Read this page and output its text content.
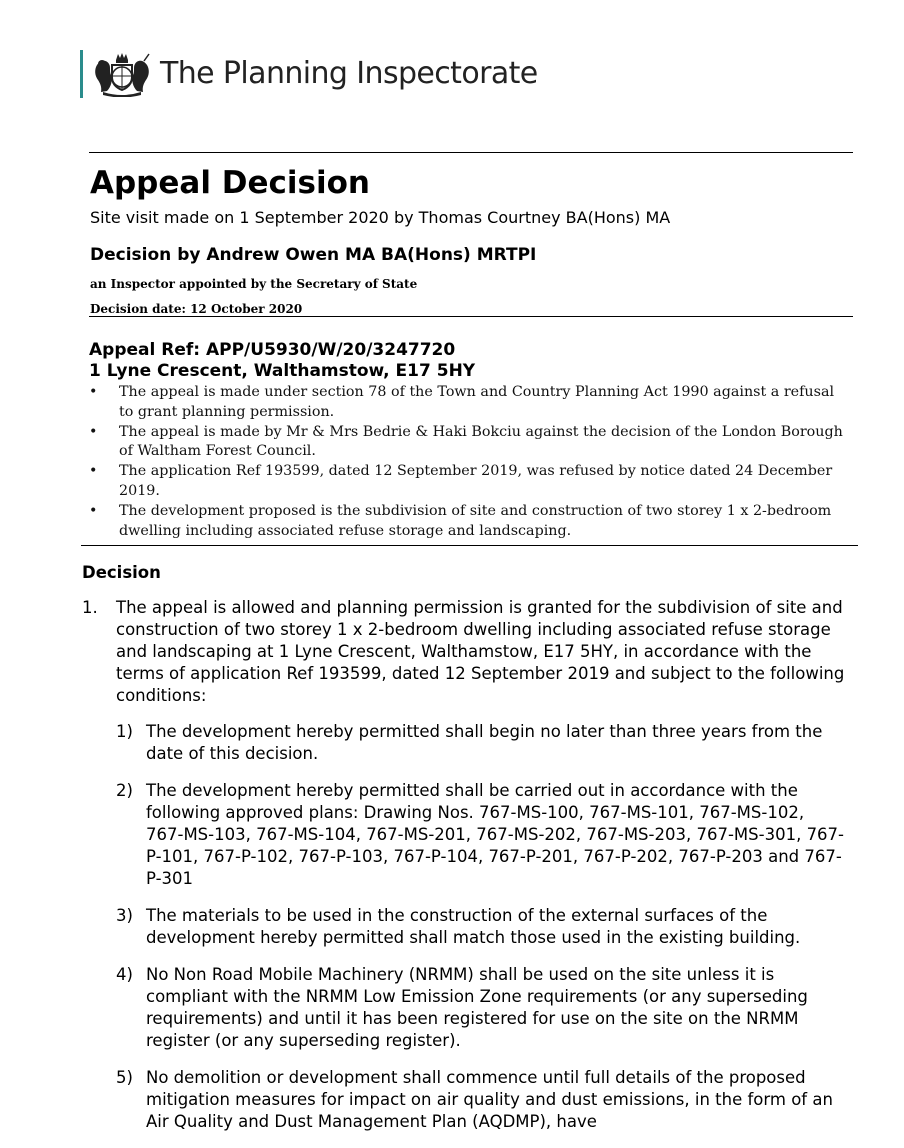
The Planning Inspectorate
Appeal Decision
Site visit made on 1 September 2020 by Thomas Courtney BA(Hons) MA
Decision by Andrew Owen MA BA(Hons) MRTPI
an Inspector appointed by the Secretary of State
Decision date: 12 October 2020
Appeal Ref: APP/U5930/W/20/3247720
1 Lyne Crescent, Walthamstow, E17 5HY
• The appeal is made under section 78 of the Town and Country Planning Act 1990 against a refusal to grant planning permission.
• The appeal is made by Mr & Mrs Bedrie & Haki Bokciu against the decision of the London Borough of Waltham Forest Council.
• The application Ref 193599, dated 12 September 2019, was refused by notice dated 24 December 2019.
• The development proposed is the subdivision of site and construction of two storey 1 x 2-bedroom dwelling including associated refuse storage and landscaping.
Decision
1. The appeal is allowed and planning permission is granted for the subdivision of site and construction of two storey 1 x 2-bedroom dwelling including associated refuse storage and landscaping at 1 Lyne Crescent, Walthamstow, E17 5HY, in accordance with the terms of application Ref 193599, dated 12 September 2019 and subject to the following conditions:
1) The development hereby permitted shall begin no later than three years from the date of this decision.
2) The development hereby permitted shall be carried out in accordance with the following approved plans: Drawing Nos. 767-MS-100, 767-MS-101, 767-MS-102, 767-MS-103, 767-MS-104, 767-MS-201, 767-MS-202, 767-MS-203, 767-MS-301, 767-P-101, 767-P-102, 767-P-103, 767-P-104, 767-P-201, 767-P-202, 767-P-203 and 767-P-301
3) The materials to be used in the construction of the external surfaces of the development hereby permitted shall match those used in the existing building.
4) No Non Road Mobile Machinery (NRMM) shall be used on the site unless it is compliant with the NRMM Low Emission Zone requirements (or any superseding requirements) and until it has been registered for use on the site on the NRMM register (or any superseding register).
5) No demolition or development shall commence until full details of the proposed mitigation measures for impact on air quality and dust emissions, in the form of an Air Quality and Dust Management Plan (AQDMP), have
